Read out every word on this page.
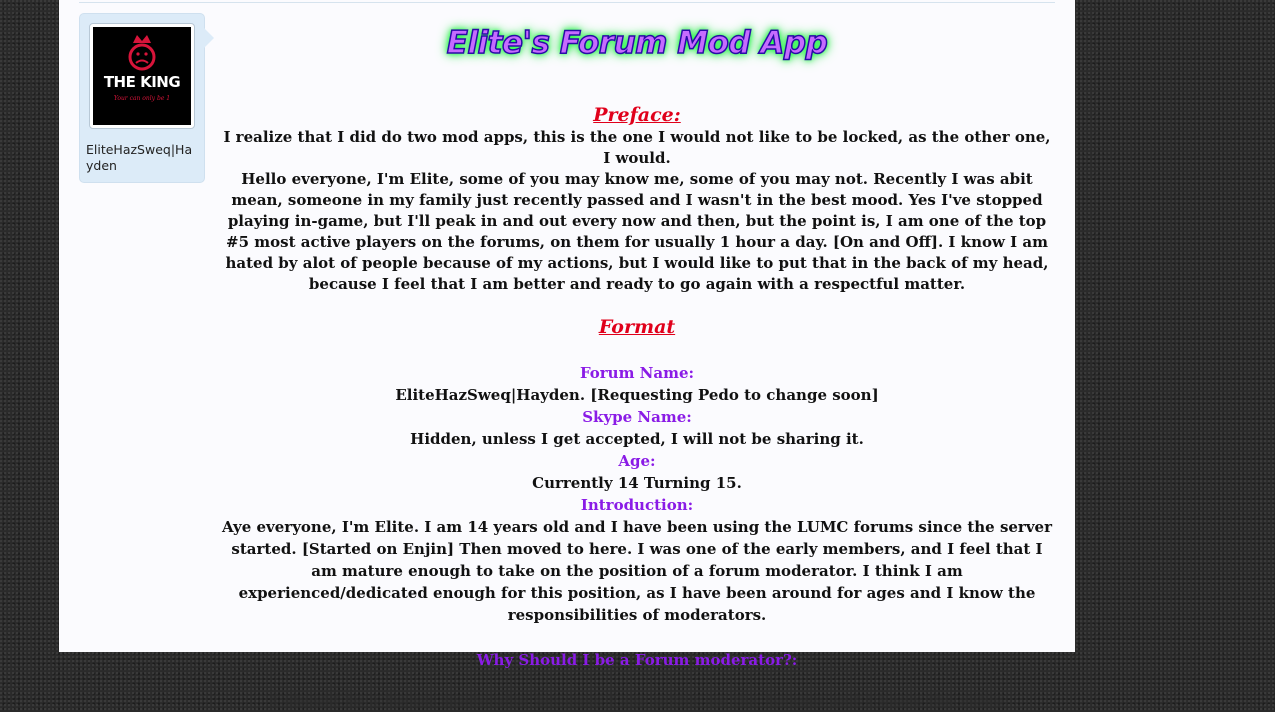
THE KING
Your can only be 1
EliteHazSweq|Hayden
Elite's Forum Mod App
Preface:

I realize that I did do two mod apps, this is the one I would not like to be locked, as the other one, I would.

Hello everyone, I'm Elite, some of you may know me, some of you may not. Recently I was abit mean, someone in my family just recently passed and I wasn't in the best mood. Yes I've stopped playing in-game, but I'll peak in and out every now and then, but the point is, I am one of the top #5 most active players on the forums, on them for usually 1 hour a day. [On and Off]. I know I am hated by alot of people because of my actions, but I would like to put that in the back of my head, because I feel that I am better and ready to go again with a respectful matter.

Format
Forum Name:
EliteHazSweq|Hayden. [Requesting Pedo to change soon]
Skype Name:
Hidden, unless I get accepted, I will not be sharing it.
Age:
Currently 14 Turning 15.
Introduction:
Aye everyone, I'm Elite. I am 14 years old and I have been using the LUMC forums since the server started. [Started on Enjin] Then moved to here. I was one of the early members, and I feel that I am mature enough to take on the position of a forum moderator. I think I am experienced/dedicated enough for this position, as I have been around for ages and I know the responsibilities of moderators.
Why Should I be a Forum moderator?:
I should be a forum moderator because I am active on the forums and I know the rules
